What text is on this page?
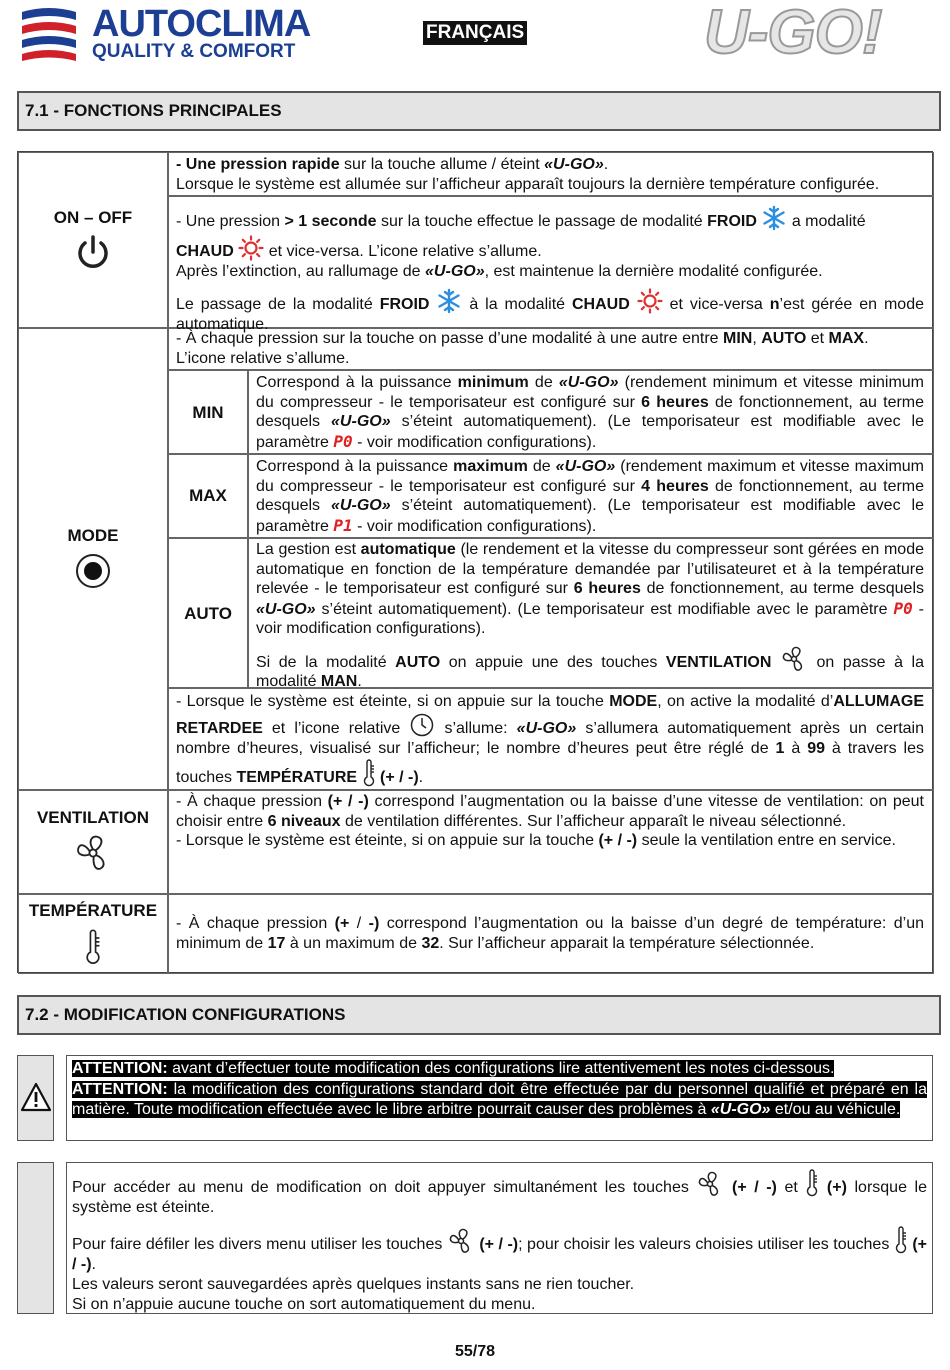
AUTOCLIMA
QUALITY & COMFORT
FRANÇAIS	U-GO!
7.1 - FONCTIONS PRINCIPALES
ON – OFF

- Une pression rapide sur la touche allume / éteint «U-GO».

Lorsque le système est allumée sur l’afficheur apparaît toujours la dernière température configurée.

- Une pression > 1 seconde sur la touche effectue le passage de modalité FROID  a modalité

CHAUD  et vice-versa. L’icone relative s’allume.

Après l’extinction, au rallumage de «U-GO», est maintenue la dernière modalité configurée.

Le passage de la modalité FROID  à la modalité CHAUD  et vice-versa n’est gérée en mode automatique.

MODE

- À chaque pression sur la touche on passe d’une modalité à une autre entre MIN, AUTO et MAX.

L’icone relative s’allume.

MIN

Correspond à la puissance minimum de «U-GO» (rendement minimum et vitesse minimum du compresseur - le temporisateur est configuré sur 6 heures de fonctionnement, au terme desquels «U-GO» s’éteint automatiquement). (Le temporisateur est modifiable avec le paramètre P0 - voir modification configurations).

MAX

Correspond à la puissance maximum de «U-GO» (rendement maximum et vitesse maximum du compresseur - le temporisateur est configuré sur 4 heures de fonctionnement, au terme desquels «U-GO» s’éteint automatiquement). (Le temporisateur est modifiable avec le paramètre P1 - voir modification configurations).

AUTO

La gestion est automatique (le rendement et la vitesse du compresseur sont gérées en mode automatique en fonction de la température demandée par l’utilisateuret et à la température relevée - le temporisateur est configuré sur 6 heures de fonctionnement, au terme desquels «U-GO» s’éteint automatiquement). (Le temporisateur est modifiable avec le paramètre P0 - voir modification configurations).

Si de la modalité AUTO on appuie une des touches VENTILATION	on passe à la modalité MAN.

- Lorsque le système est éteinte, si on appuie sur la touche MODE, on active la modalité d’ALLUMAGE RETARDEE et l’icone relative  s’allume: «U-GO» s’allumera automatiquement après un certain nombre d’heures, visualisé sur l’afficheur; le nombre d’heures peut être réglé de 1 à 99 à travers les touches TEMPÉRATURE  (+ / -).

VENTILATION

- À chaque pression (+ / -) correspond l’augmentation ou la baisse d’une vitesse de ventilation: on peut choisir entre 6 niveaux de ventilation différentes. Sur l’afficheur apparaît le niveau sélectionné.

- Lorsque le système est éteinte, si on appuie sur la touche (+ / -) seule la ventilation entre en service.

TEMPÉRATURE

- À chaque pression (+ / -) correspond l’augmentation ou la baisse d’un degré de température: d’un minimum de 17 à un maximum de 32. Sur l’afficheur apparait la température sélectionnée.

7.2 - MODIFICATION CONFIGURATIONS

ATTENTION: avant d’effectuer toute modification des configurations lire attentivement les notes ci-dessous.

ATTENTION: la modification des configurations standard doit être effectuée par du personnel qualifié et préparé en la matière. Toute modification effectuée avec le libre arbitre pourrait causer des problèmes à «U-GO» et/ou au véhicule.

Pour accéder au menu de modification on doit appuyer simultanément les touches  (+ / -) et  (+) lorsque le système est éteinte.

Pour faire défiler les divers menu utiliser les touches  (+ / -); pour choisir les valeurs choisies utiliser les touches  (+ / -).

Les valeurs seront sauvegardées après quelques instants sans ne rien toucher.

Si on n’appuie aucune touche on sort automatiquement du menu.

55/78
